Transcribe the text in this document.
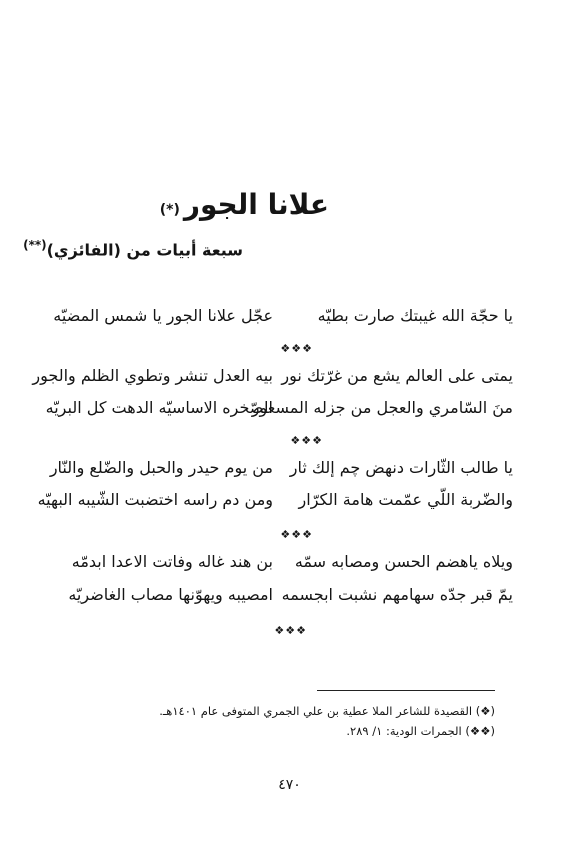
علانا الجور(*)
سبعة أبيات من (الفائزي)(**)
يا حجّة الله غيبتك صارت بطيّه
عجّل علانا الجور يا شمس المضيّه
❖❖❖
يمتى على العالم يشع من غرّتك نور
بيه العدل تنشر وتطوي الظلم والجور
منَ السّامري والعجل من جزله المسعور
الصّخره الاساسيّه الدهت كل البريّه
❖❖❖
يا طالب الثّارات دنهض چم إلك ثار
من يوم حيدر والحبل والضّلع والنّار
والضّربة اللّي عمّمت هامة الكرّار
ومن دم راسه اختضبت الشّيبه البهيّه
❖❖❖
ويلاه ياهضم الحسن ومصابه سمّه
بن هند غاله وفاتت الاعدا ابدمّه
يمّ قبر جدّه سهامهم نشبت ابجسمه
امصيبه ويهوّنها مصاب الغاضريّه
❖❖❖
(❖) القصيدة للشاعر الملا عطية بن علي الجمري المتوفى عام ١٤٠١هـ.
(❖❖) الجمرات الودية: ١/ ٢٨٩.
٤٧٠
